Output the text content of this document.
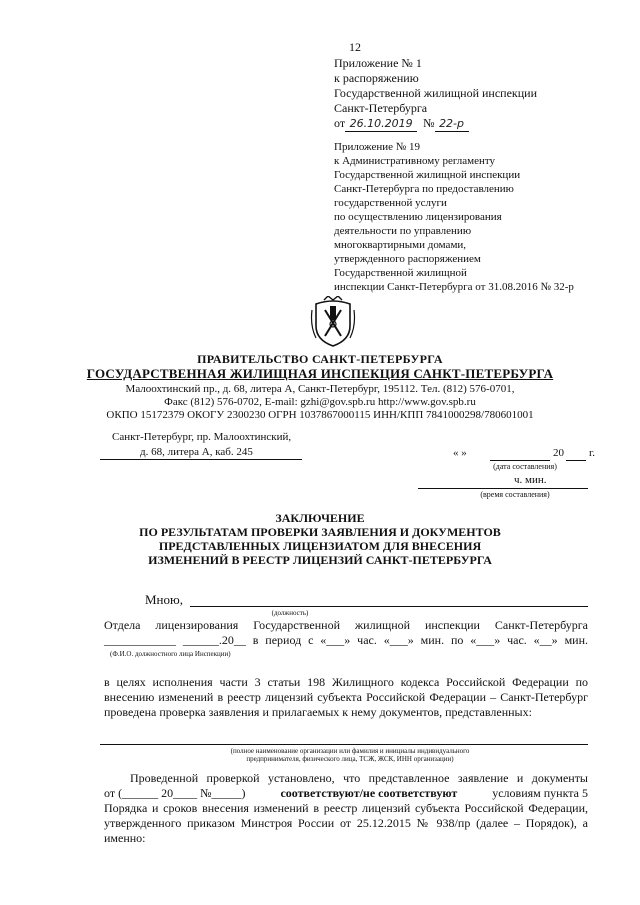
12
Приложение № 1
к распоряжению
Государственной жилищной инспекции
Санкт-Петербурга
от 26.10.2019 № 22-р
Приложение № 19
к Административному регламенту
Государственной жилищной инспекции
Санкт-Петербурга по предоставлению
государственной услуги
по осуществлению лицензирования
деятельности по управлению
многоквартирными домами,
утвержденного распоряжением
Государственной жилищной
инспекции Санкт-Петербурга от 31.08.2016 № 32-р
ПРАВИТЕЛЬСТВО САНКТ-ПЕТЕРБУРГА
ГОСУДАРСТВЕННАЯ ЖИЛИЩНАЯ ИНСПЕКЦИЯ САНКТ-ПЕТЕРБУРГА
Малоохтинский пр., д. 68, литера А, Санкт-Петербург, 195112. Тел. (812) 576-0701,
Факс (812) 576-0702, E-mail: gzhi@gov.spb.ru http://www.gov.spb.ru
ОКПО 15172379 ОКОГУ 2300230 ОГРН 1037867000115 ИНН/КПП 7841000298/780601001
Санкт-Петербург, пр. Малоохтинский,
д. 68, литера А, каб. 245	« »	20 г.
(дата составления)
ч. мин.
(время составления)
ЗАКЛЮЧЕНИЕ
ПО РЕЗУЛЬТАТАМ ПРОВЕРКИ ЗАЯВЛЕНИЯ И ДОКУМЕНТОВ
ПРЕДСТАВЛЕННЫХ ЛИЦЕНЗИАТОМ ДЛЯ ВНЕСЕНИЯ
ИЗМЕНЕНИЙ В РЕЕСТР ЛИЦЕНЗИЙ САНКТ-ПЕТЕРБУРГА
Мною,
(должность)
Отдела лицензирования Государственной жилищной инспекции Санкт-Петербурга
____________ ______.20__ в период с «___» час. «___» мин. по «___» час. «__» мин.
(Ф.И.О. должностного лица Инспекции)
в целях исполнения части 3 статьи 198 Жилищного кодекса Российской Федерации по внесению изменений в реестр лицензий субъекта Российской Федерации – Санкт-Петербург проведена проверка заявления и прилагаемых к нему документов, представленных:
(полное наименование организации или фамилия и инициалы индивидуального
предпринимателя, физического лица, ТСЖ, ЖСК, ИНН организации)
Проведенной проверкой установлено, что представленное заявление и документы
от (______ 20____ №_____)	соответствуют/не соответствуют	условиям пункта 5
Порядка и сроков внесения изменений в реестр лицензий субъекта Российской Федерации, утвержденного приказом Минстроя России от 25.12.2015 № 938/пр (далее – Порядок), а именно:
